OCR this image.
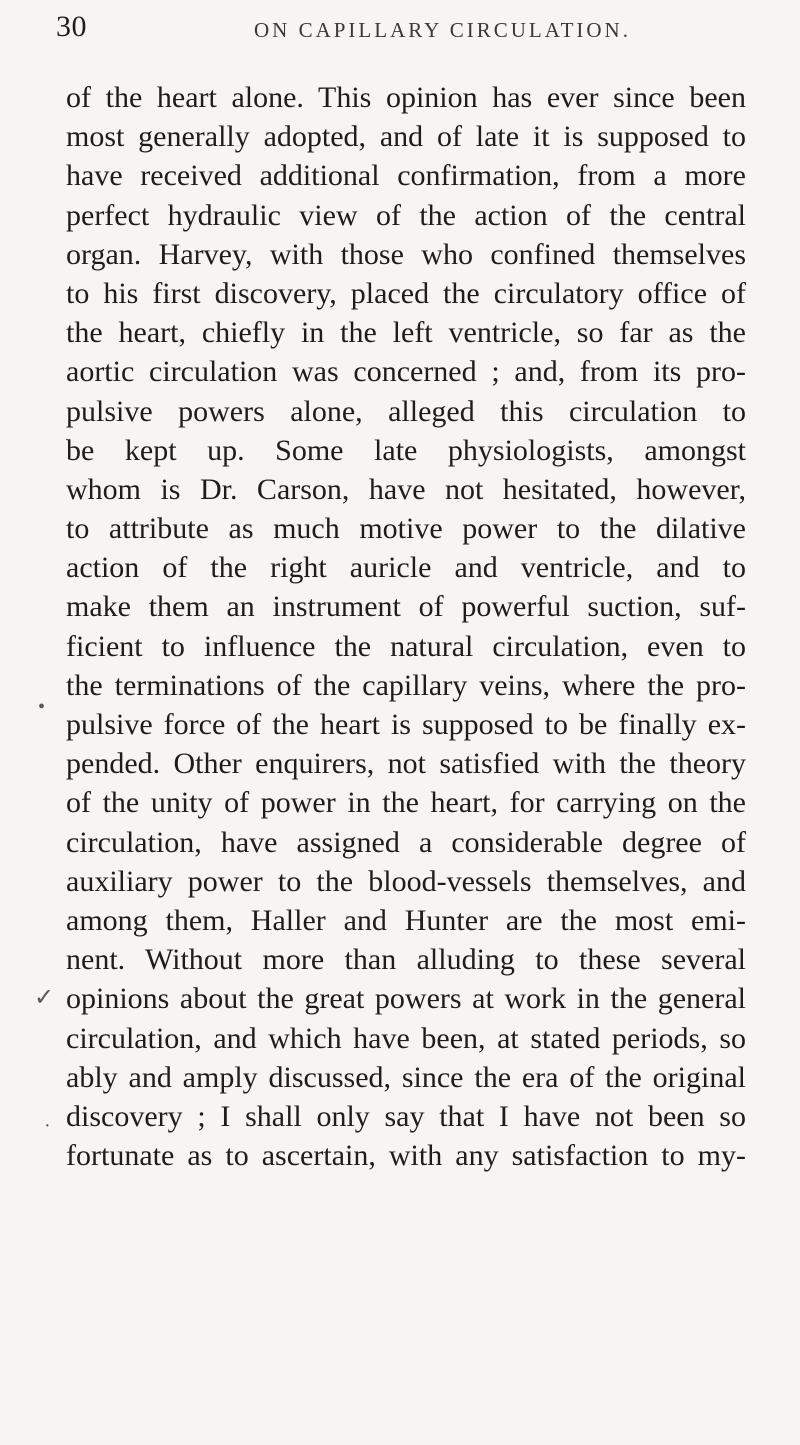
30	ON CAPILLARY CIRCULATION.
of the heart alone. This opinion has ever since been
most generally adopted, and of late it is supposed to
have received additional confirmation, from a more
perfect hydraulic view of the action of the central
organ. Harvey, with those who confined themselves
to his first discovery, placed the circulatory office of
the heart, chiefly in the left ventricle, so far as the
aortic circulation was concerned ; and, from its pro-
pulsive powers alone, alleged this circulation to
be kept up. Some late physiologists, amongst
whom is Dr. Carson, have not hesitated, however,
to attribute as much motive power to the dilative
action of the right auricle and ventricle, and to
make them an instrument of powerful suction, suf-
ficient to influence the natural circulation, even to
the terminations of the capillary veins, where the pro-
pulsive force of the heart is supposed to be finally ex-
pended. Other enquirers, not satisfied with the theory
of the unity of power in the heart, for carrying on the
circulation, have assigned a considerable degree of
auxiliary power to the blood-vessels themselves, and
among them, Haller and Hunter are the most emi-
nent. Without more than alluding to these several
opinions about the great powers at work in the general
circulation, and which have been, at stated periods, so
ably and amply discussed, since the era of the original
discovery ; I shall only say that I have not been so
fortunate as to ascertain, with any satisfaction to my-
•
✓
·
